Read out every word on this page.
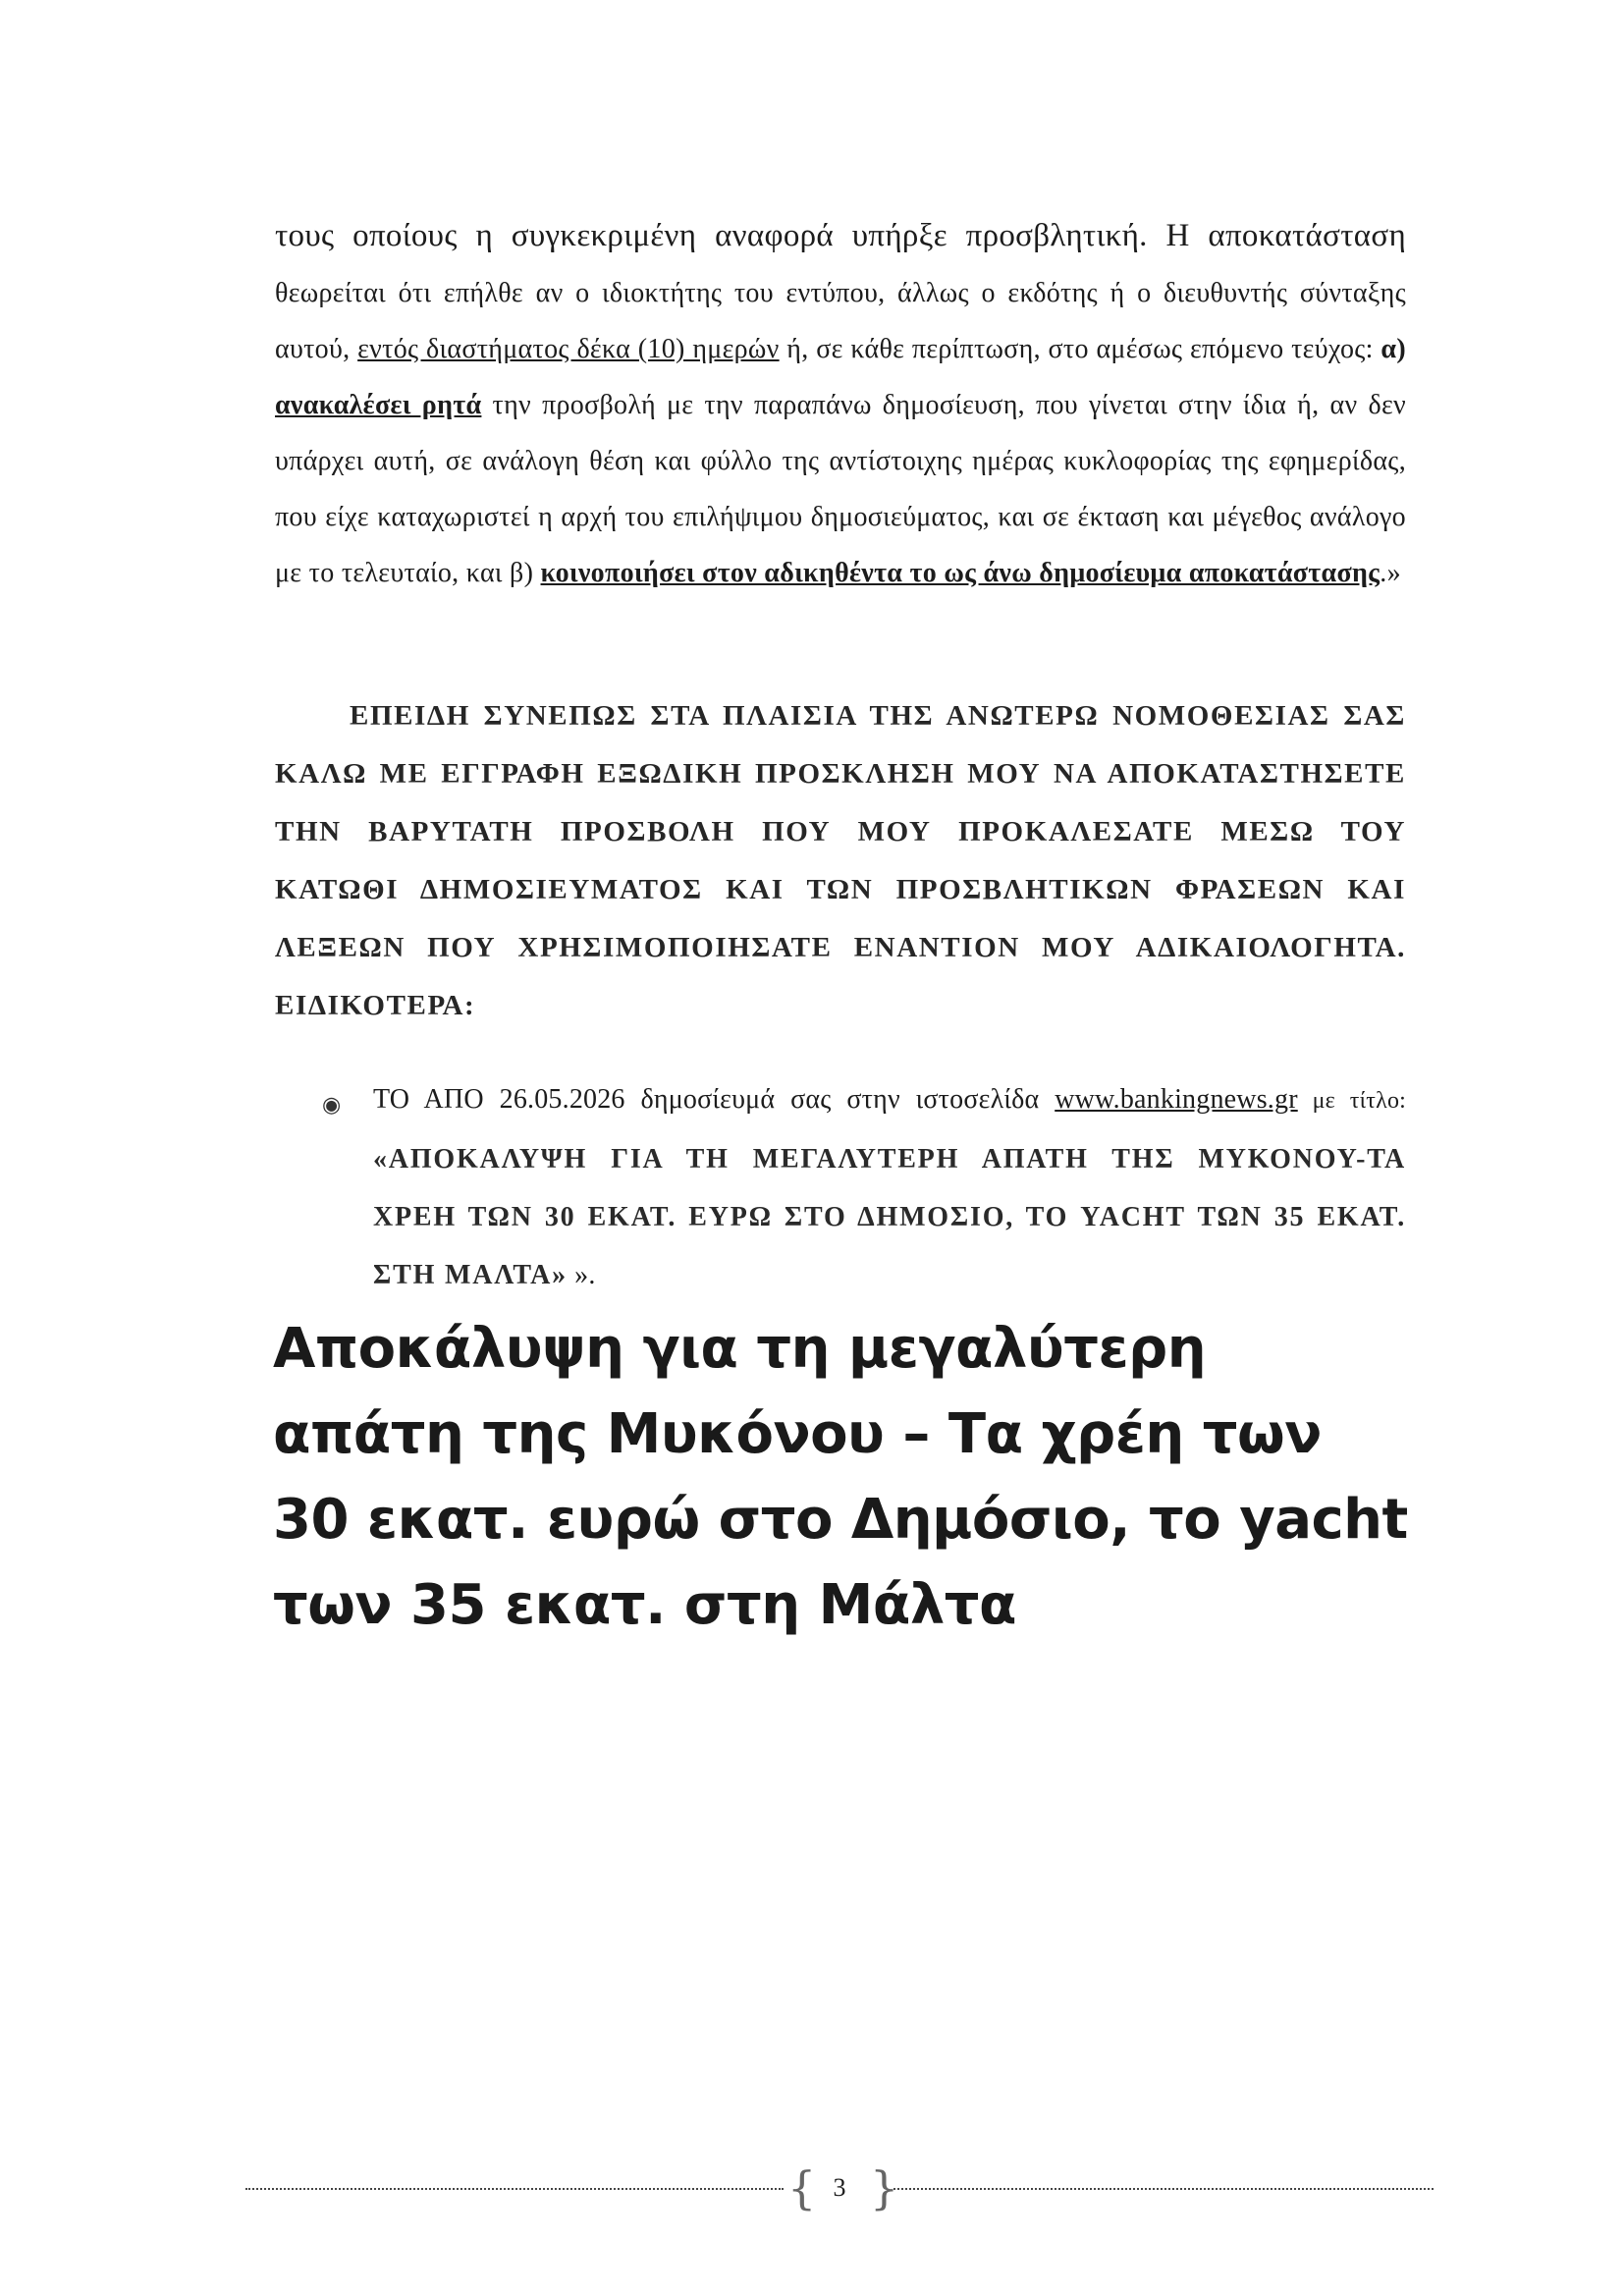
τους οποίους η συγκεκριμένη αναφορά υπήρξε προσβλητική. Η αποκατάσταση θεωρείται ότι επήλθε αν ο ιδιοκτήτης του εντύπου, άλλως ο εκδότης ή ο διευθυντής σύνταξης αυτού, εντός διαστήματος δέκα (10) ημερών ή, σε κάθε περίπτωση, στο αμέσως επόμενο τεύχος: α) ανακαλέσει ρητά την προσβολή με την παραπάνω δημοσίευση, που γίνεται στην ίδια ή, αν δεν υπάρχει αυτή, σε ανάλογη θέση και φύλλο της αντίστοιχης ημέρας κυκλοφορίας της εφημερίδας, που είχε καταχωριστεί η αρχή του επιλήψιμου δημοσιεύματος, και σε έκταση και μέγεθος ανάλογο με το τελευταίο, και β) κοινοποιήσει στον αδικηθέντα το ως άνω δημοσίευμα αποκατάστασης.»
ΕΠΕΙΔΗ ΣΥΝΕΠΩΣ ΣΤΑ ΠΛΑΙΣΙΑ ΤΗΣ ΑΝΩΤΕΡΩ ΝΟΜΟΘΕΣΙΑΣ ΣΑΣ ΚΑΛΩ ΜΕ ΕΓΓΡΑΦΗ ΕΞΩΔΙΚΗ ΠΡΟΣΚΛΗΣΗ ΜΟΥ ΝΑ ΑΠΟΚΑΤΑΣΤΗΣΕΤΕ ΤΗΝ ΒΑΡΥΤΑΤΗ ΠΡΟΣΒΟΛΗ ΠΟΥ ΜΟΥ ΠΡΟΚΑΛΕΣΑΤΕ ΜΕΣΩ ΤΟΥ ΚΑΤΩΘΙ ΔΗΜΟΣΙΕΥΜΑΤΟΣ ΚΑΙ ΤΩΝ ΠΡΟΣΒΛΗΤΙΚΩΝ ΦΡΑΣΕΩΝ ΚΑΙ ΛΕΞΕΩΝ ΠΟΥ ΧΡΗΣΙΜΟΠΟΙΗΣΑΤΕ ΕΝΑΝΤΙΟΝ ΜΟΥ ΑΔΙΚΑΙΟΛΟΓΗΤΑ. ΕΙΔΙΚΟΤΕΡΑ:
◉ ΤΟ ΑΠΟ 26.05.2026 δημοσίευμά σας στην ιστοσελίδα www.bankingnews.gr με τίτλο: «ΑΠΟΚΑΛΥΨΗ ΓΙΑ ΤΗ ΜΕΓΑΛΥΤΕΡΗ ΑΠΑΤΗ ΤΗΣ ΜΥΚΟΝΟΥ-ΤΑ ΧΡΕΗ ΤΩΝ 30 ΕΚΑΤ. ΕΥΡΩ ΣΤΟ ΔΗΜΟΣΙΟ, ΤΟ YACHT ΤΩΝ 35 ΕΚΑΤ. ΣΤΗ ΜΑΛΤΑ» ».
Αποκάλυψη για τη μεγαλύτερη
απάτη της Μυκόνου – Τα χρέη των
30 εκατ. ευρώ στο Δημόσιο, το yacht
των 35 εκατ. στη Μάλτα
{ 3 }
